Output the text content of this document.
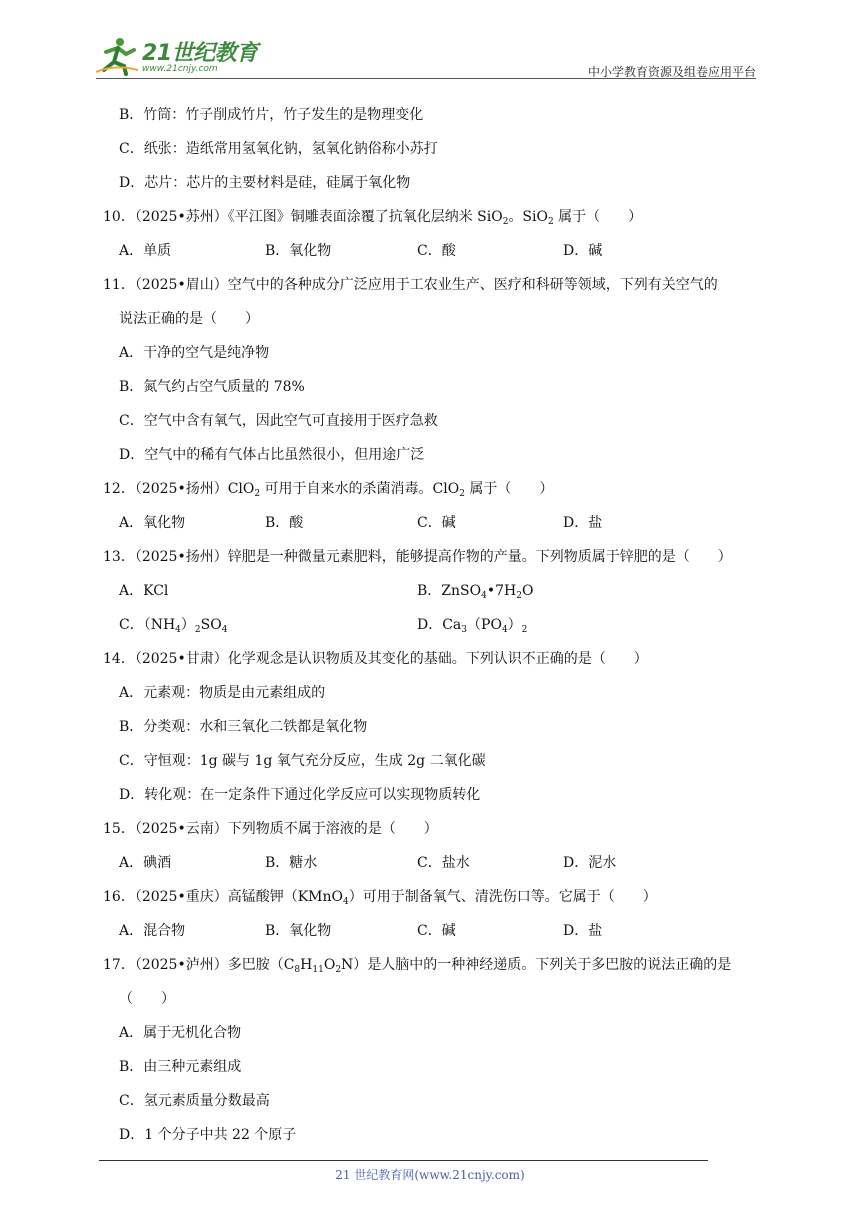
21世纪教育
www.21cnjy.com	中小学教育资源及组卷应用平台
B．竹筒：竹子削成竹片，竹子发生的是物理变化
C．纸张：造纸常用氢氧化钠，氢氧化钠俗称小苏打
D．芯片：芯片的主要材料是硅，硅属于氧化物
10．（2025•苏州）《平江图》铜雕表面涂覆了抗氧化层纳米 SiO$_2$。SiO$_2$ 属于（　　）
A．单质	B．氧化物	C．酸	D．碱
11．（2025•眉山）空气中的各种成分广泛应用于工农业生产、医疗和科研等领域，下列有关空气的
说法正确的是（　　）
A．干净的空气是纯净物
B．氮气约占空气质量的 78%
C．空气中含有氧气，因此空气可直接用于医疗急救
D．空气中的稀有气体占比虽然很小，但用途广泛
12．（2025•扬州）ClO$_2$ 可用于自来水的杀菌消毒。ClO$_2$ 属于（　　）
A．氧化物	B．酸	C．碱	D．盐
13．（2025•扬州）锌肥是一种微量元素肥料，能够提高作物的产量。下列物质属于锌肥的是（　　）
A．KCl	B．$ZnSO_4•7H_2O$
C．$(NH_4)_2SO_4$	D．$Ca_3(PO_4)_2$
14．（2025•甘肃）化学观念是认识物质及其变化的基础。下列认识不正确的是（　　）
A．元素观：物质是由元素组成的
B．分类观：水和三氧化二铁都是氧化物
C．守恒观：1g 碳与 1g 氧气充分反应，生成 2g 二氧化碳
D．转化观：在一定条件下通过化学反应可以实现物质转化
15．（2025•云南）下列物质不属于溶液的是（　　）
A．碘酒	B．糖水	C．盐水	D．泥水
16．（2025•重庆）高锰酸钾（KMnO$_4$）可用于制备氧气、清洗伤口等。它属于（　　）
A．混合物	B．氧化物	C．碱	D．盐
17．（2025•泸州）多巴胺$(C_8H_{11}O_2N)$是人脑中的一种神经递质。下列关于多巴胺的说法正确的是
（　　）
A．属于无机化合物
B．由三种元素组成
C．氢元素质量分数最高
D．1 个分子中共 22 个原子
21 世纪教育网(www.21cnjy.com)
